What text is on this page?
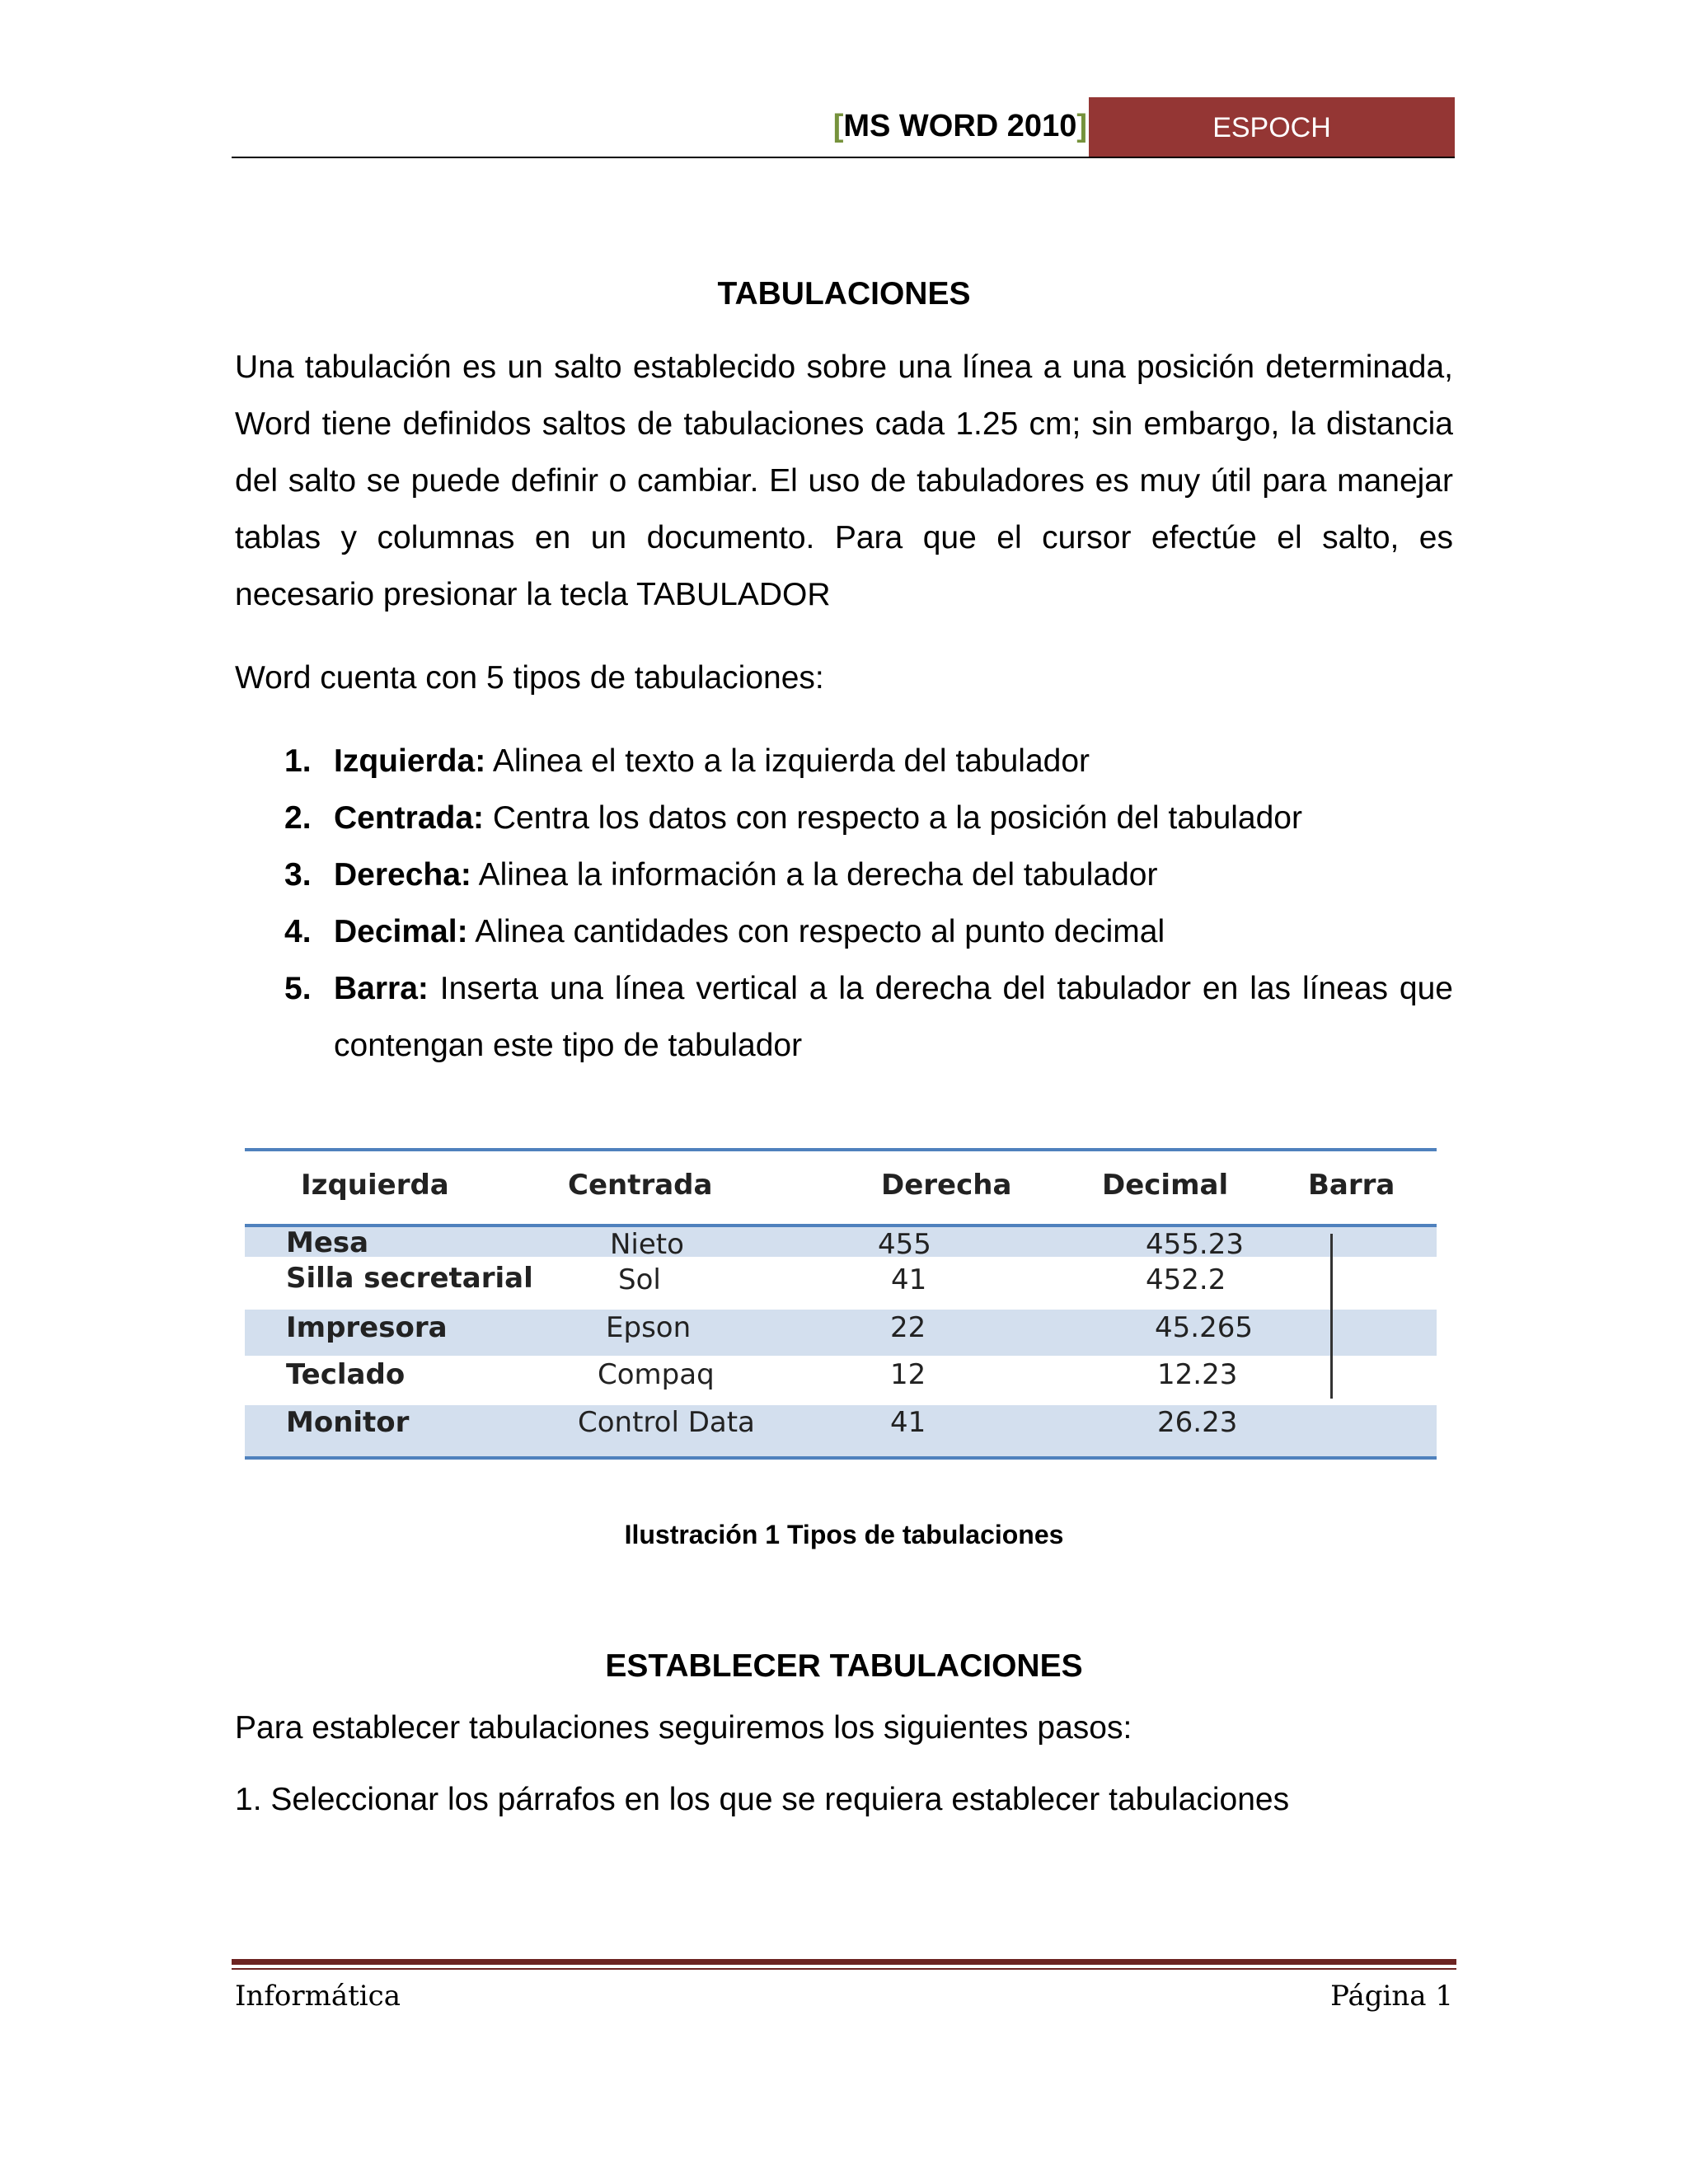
[MS WORD 2010]	ESPOCH
TABULACIONES

Una tabulación es un salto establecido sobre una línea a una posición determinada, Word tiene definidos saltos de tabulaciones cada 1.25 cm; sin embargo, la distancia del salto se puede definir o cambiar. El uso de tabuladores es muy útil para manejar tablas y columnas en un documento. Para que el cursor efectúe el salto, es necesario presionar la tecla TABULADOR

Word cuenta con 5 tipos de tabulaciones:

1. Izquierda: Alinea el texto a la izquierda del tabulador
2. Centrada: Centra los datos con respecto a la posición del tabulador
3. Derecha: Alinea la información a la derecha del tabulador
4. Decimal: Alinea cantidades con respecto al punto decimal
5. Barra: Inserta una línea vertical a la derecha del tabulador en las líneas que contengan este tipo de tabulador
Izquierda	Centrada	Derecha	Decimal	Barra
Mesa	Nieto	455	455.23
Silla secretarial	Sol	41	452.2
Impresora	Epson	22	45.265
Teclado	Compaq	12	12.23
Monitor	Control Data	41	26.23
Ilustración 1 Tipos de tabulaciones
ESTABLECER TABULACIONES

Para establecer tabulaciones seguiremos los siguientes pasos:

1. Seleccionar los párrafos en los que se requiera establecer tabulaciones

Informática	Página 1
